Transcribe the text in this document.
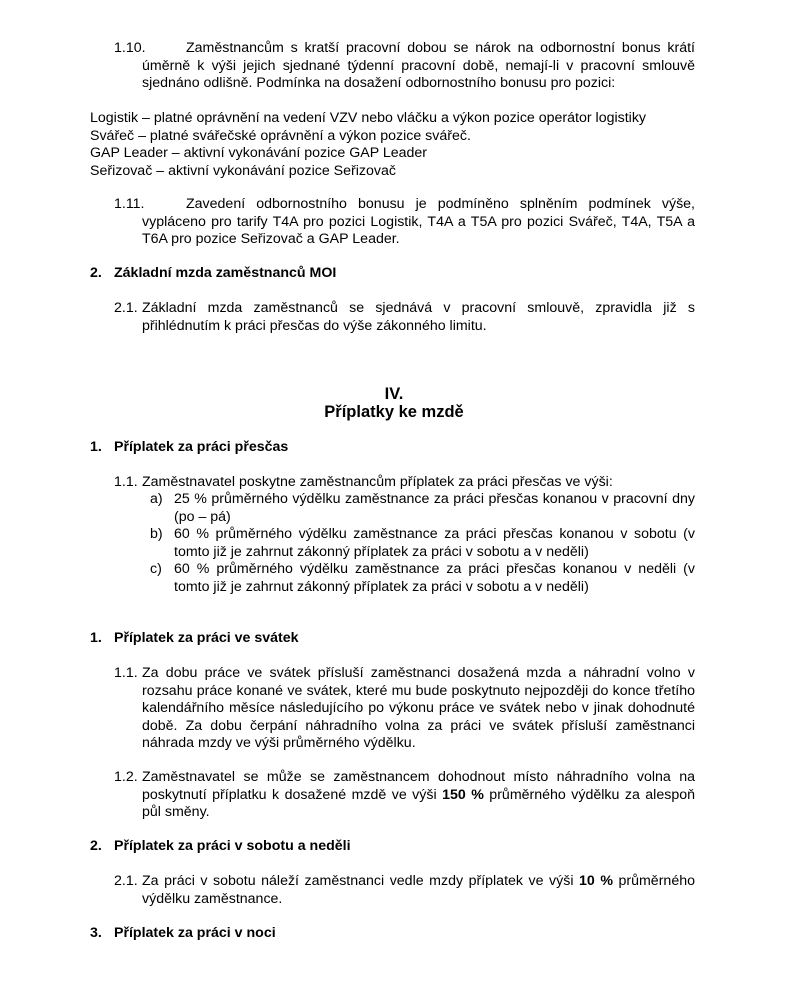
1.10.	Zaměstnancům s kratší pracovní dobou se nárok na odbornostní bonus krátí úměrně k výši jejich sjednané týdenní pracovní době, nemají-li v pracovní smlouvě sjednáno odlišně. Podmínka na dosažení odbornostního bonusu pro pozici:
Logistik – platné oprávnění na vedení VZV nebo vláčku a výkon pozice operátor logistiky
Svářeč – platné svářečské oprávnění a výkon pozice svářeč.
GAP Leader – aktivní vykonávání pozice GAP Leader
Seřizovač – aktivní vykonávání pozice Seřizovač
1.11.	Zavedení odbornostního bonusu je podmíněno splněním podmínek výše, vypláceno pro tarify T4A pro pozici Logistik, T4A a T5A pro pozici Svářeč, T4A, T5A a T6A pro pozice Seřizovač a GAP Leader.
2. Základní mzda zaměstnanců MOI
2.1. Základní mzda zaměstnanců se sjednává v pracovní smlouvě, zpravidla již s přihlédnutím k práci přesčas do výše zákonného limitu.
IV.
Příplatky ke mzdě
1. Příplatek za práci přesčas
1.1. Zaměstnavatel poskytne zaměstnancům příplatek za práci přesčas ve výši:
a) 25 % průměrného výdělku zaměstnance za práci přesčas konanou v pracovní dny (po – pá)
b) 60 % průměrného výdělku zaměstnance za práci přesčas konanou v sobotu (v tomto již je zahrnut zákonný příplatek za práci v sobotu a v neděli)
c) 60 % průměrného výdělku zaměstnance za práci přesčas konanou v neděli (v tomto již je zahrnut zákonný příplatek za práci v sobotu a v neděli)
1. Příplatek za práci ve svátek
1.1. Za dobu práce ve svátek přísluší zaměstnanci dosažená mzda a náhradní volno v rozsahu práce konané ve svátek, které mu bude poskytnuto nejpozději do konce třetího kalendářního měsíce následujícího po výkonu práce ve svátek nebo v jinak dohodnuté době. Za dobu čerpání náhradního volna za práci ve svátek přísluší zaměstnanci náhrada mzdy ve výši průměrného výdělku.
1.2. Zaměstnavatel se může se zaměstnancem dohodnout místo náhradního volna na poskytnutí příplatku k dosažené mzdě ve výši 150 % průměrného výdělku za alespoň půl směny.
2. Příplatek za práci v sobotu a neděli
2.1. Za práci v sobotu náleží zaměstnanci vedle mzdy příplatek ve výši 10 % průměrného výdělku zaměstnance.
3. Příplatek za práci v noci
